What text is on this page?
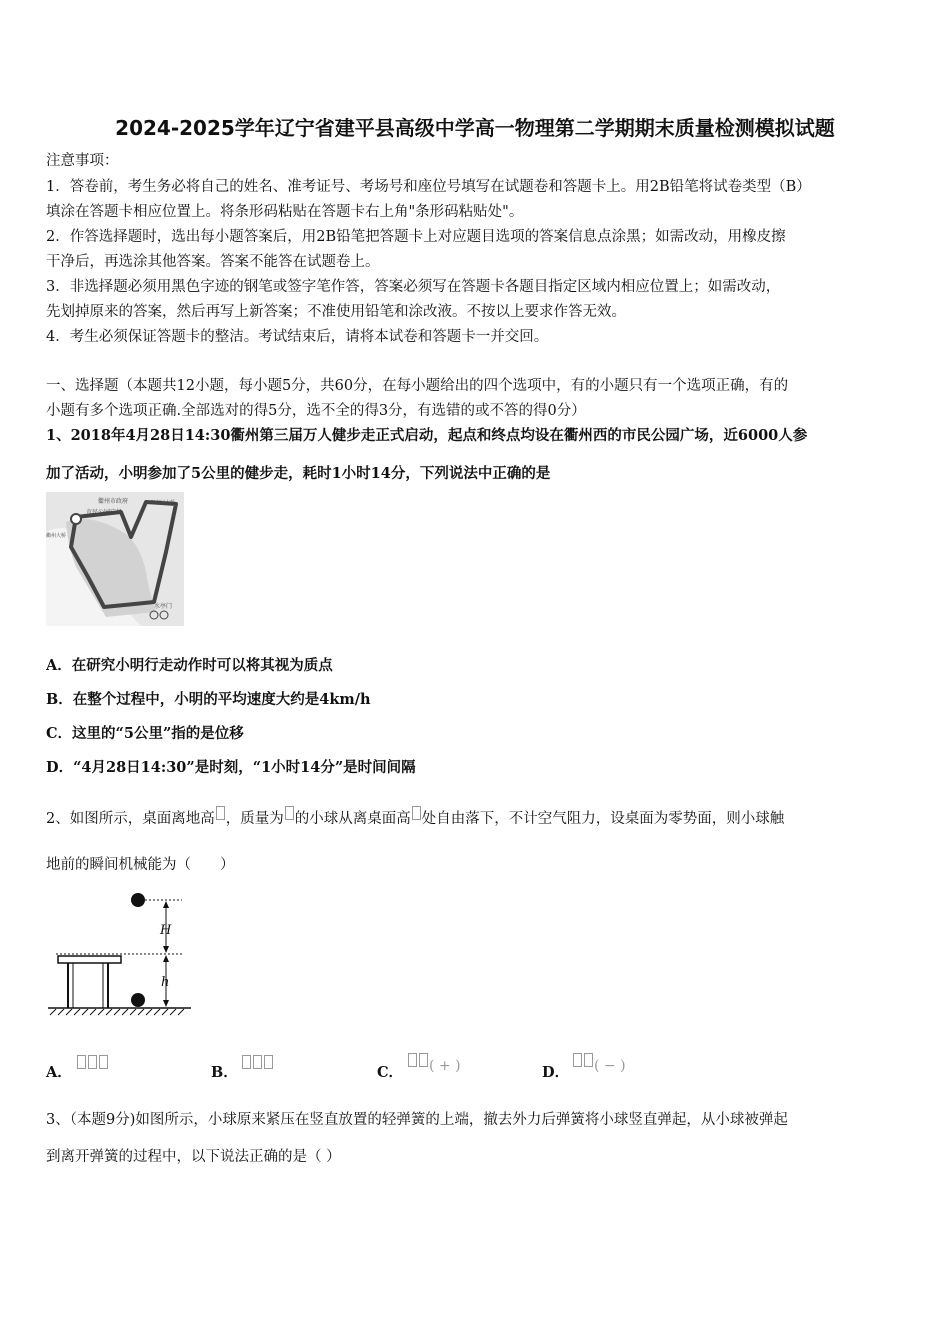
2024-2025学年辽宁省建平县高级中学高一物理第二学期期末质量检测模拟试题
注意事项：
1．答卷前，考生务必将自己的姓名、准考证号、考场号和座位号填写在试题卷和答题卡上。用2B铅笔将试卷类型（B）
填涂在答题卡相应位置上。将条形码粘贴在答题卡右上角"条形码粘贴处"。
2．作答选择题时，选出每小题答案后，用2B铅笔把答题卡上对应题目选项的答案信息点涂黑；如需改动，用橡皮擦
干净后，再选涂其他答案。答案不能答在试题卷上。
3．非选择题必须用黑色字迹的钢笔或签字笔作答，答案必须写在答题卡各题目指定区域内相应位置上；如需改动，
先划掉原来的答案，然后再写上新答案；不准使用铅笔和涂改液。不按以上要求作答无效。
4．考生必须保证答题卡的整洁。考试结束后，请将本试卷和答题卡一并交回。
一、选择题（本题共12小题，每小题5分，共60分，在每小题给出的四个选项中，有的小题只有一个选项正确，有的
小题有多个选项正确.全部选对的得5分，选不全的得3分，有选错的或不答的得0分）
1、2018年4月28日14:30衢州第三届万人健步走正式启动，起点和终点均设在衢州西的市民公园广场，近6000人参
加了活动，小明参加了5公里的健步走，耗时1小时14分，下列说法中正确的是
衢州市政府
市民公园广场
衢州大桥
西安门大桥
水亭门
A．在研究小明行走动作时可以将其视为质点
B．在整个过程中，小明的平均速度大约是4km/h
C．这里的“5公里”指的是位移
D．“4月28日14:30”是时刻，“1小时14分”是时间间隔
2、如图所示，桌面离地高 ，质量为 的小球从离桌面高 处自由落下，不计空气阻力，设桌面为零势面，则小球触
地前的瞬间机械能为（　　）
H
h
A．	B．	C．	( + )	D．	( − )
3、（本题9分)如图所示，小球原来紧压在竖直放置的轻弹簧的上端，撤去外力后弹簧将小球竖直弹起，从小球被弹起
到离开弹簧的过程中，以下说法正确的是（ ）
